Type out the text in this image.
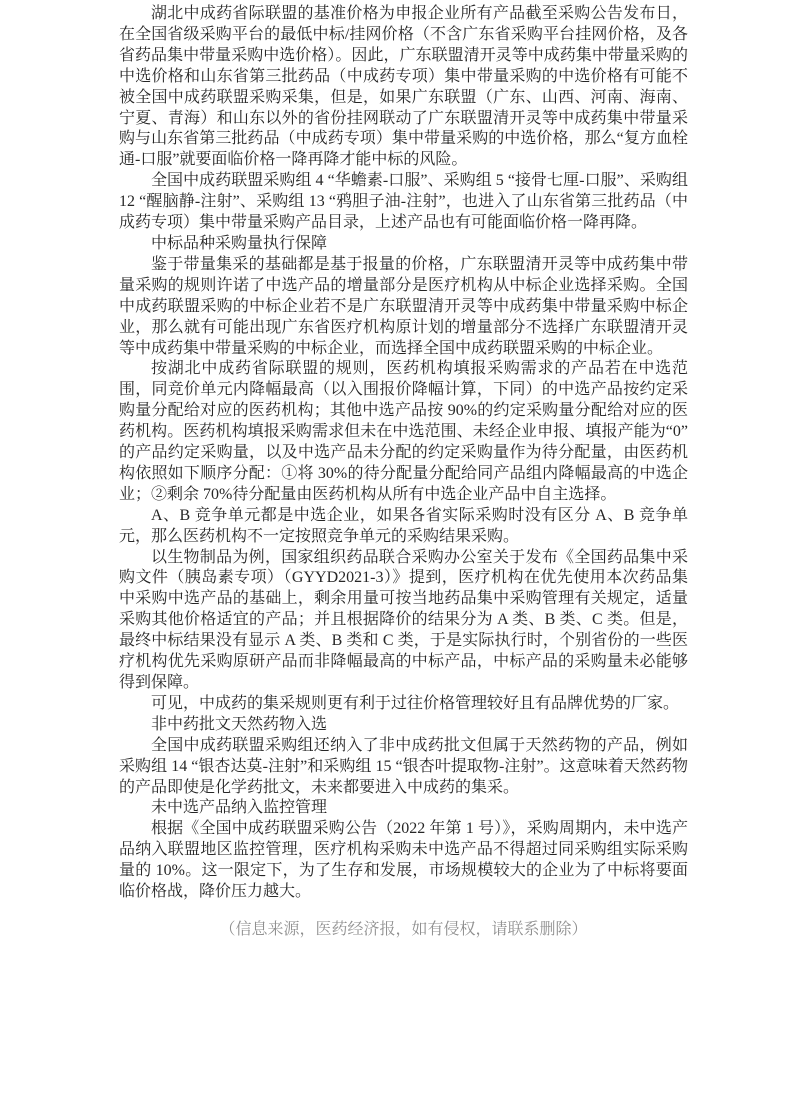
湖北中成药省际联盟的基准价格为申报企业所有产品截至采购公告发布日，在全国省级采购平台的最低中标/挂网价格（不含广东省采购平台挂网价格，及各省药品集中带量采购中选价格）。因此，广东联盟清开灵等中成药集中带量采购的中选价格和山东省第三批药品（中成药专项）集中带量采购的中选价格有可能不被全国中成药联盟采购采集，但是，如果广东联盟（广东、山西、河南、海南、宁夏、青海）和山东以外的省份挂网联动了广东联盟清开灵等中成药集中带量采购与山东省第三批药品（中成药专项）集中带量采购的中选价格，那么“复方血栓通-口服”就要面临价格一降再降才能中标的风险。

全国中成药联盟采购组 4 “华蟾素-口服”、采购组 5 “接骨七厘-口服”、采购组 12 “醒脑静-注射”、采购组 13 “鸦胆子油-注射”，也进入了山东省第三批药品（中成药专项）集中带量采购产品目录，上述产品也有可能面临价格一降再降。

中标品种采购量执行保障

鉴于带量集采的基础都是基于报量的价格，广东联盟清开灵等中成药集中带量采购的规则许诺了中选产品的增量部分是医疗机构从中标企业选择采购。全国中成药联盟采购的中标企业若不是广东联盟清开灵等中成药集中带量采购中标企业，那么就有可能出现广东省医疗机构原计划的增量部分不选择广东联盟清开灵等中成药集中带量采购的中标企业，而选择全国中成药联盟采购的中标企业。

按湖北中成药省际联盟的规则，医药机构填报采购需求的产品若在中选范围，同竞价单元内降幅最高（以入围报价降幅计算，下同）的中选产品按约定采购量分配给对应的医药机构；其他中选产品按 90%的约定采购量分配给对应的医药机构。医药机构填报采购需求但未在中选范围、未经企业申报、填报产能为“0”的产品约定采购量，以及中选产品未分配的约定采购量作为待分配量，由医药机构依照如下顺序分配：①将 30%的待分配量分配给同产品组内降幅最高的中选企业；②剩余 70%待分配量由医药机构从所有中选企业产品中自主选择。

A、B 竞争单元都是中选企业，如果各省实际采购时没有区分 A、B 竞争单元，那么医药机构不一定按照竞争单元的采购结果采购。

以生物制品为例，国家组织药品联合采购办公室关于发布《全国药品集中采购文件（胰岛素专项）（GYYD2021-3）》提到，医疗机构在优先使用本次药品集中采购中选产品的基础上，剩余用量可按当地药品集中采购管理有关规定，适量采购其他价格适宜的产品；并且根据降价的结果分为 A 类、B 类、C 类。但是，最终中标结果没有显示 A 类、B 类和 C 类，于是实际执行时，个别省份的一些医疗机构优先采购原研产品而非降幅最高的中标产品，中标产品的采购量未必能够得到保障。

可见，中成药的集采规则更有利于过往价格管理较好且有品牌优势的厂家。

非中药批文天然药物入选

全国中成药联盟采购组还纳入了非中成药批文但属于天然药物的产品，例如采购组 14 “银杏达莫-注射”和采购组 15 “银杏叶提取物-注射”。这意味着天然药物的产品即使是化学药批文，未来都要进入中成药的集采。

未中选产品纳入监控管理

根据《全国中成药联盟采购公告（2022 年第 1 号）》，采购周期内，未中选产品纳入联盟地区监控管理，医疗机构采购未中选产品不得超过同采购组实际采购量的 10%。这一限定下，为了生存和发展，市场规模较大的企业为了中标将要面临价格战，降价压力越大。

（信息来源，医药经济报，如有侵权，请联系删除）
